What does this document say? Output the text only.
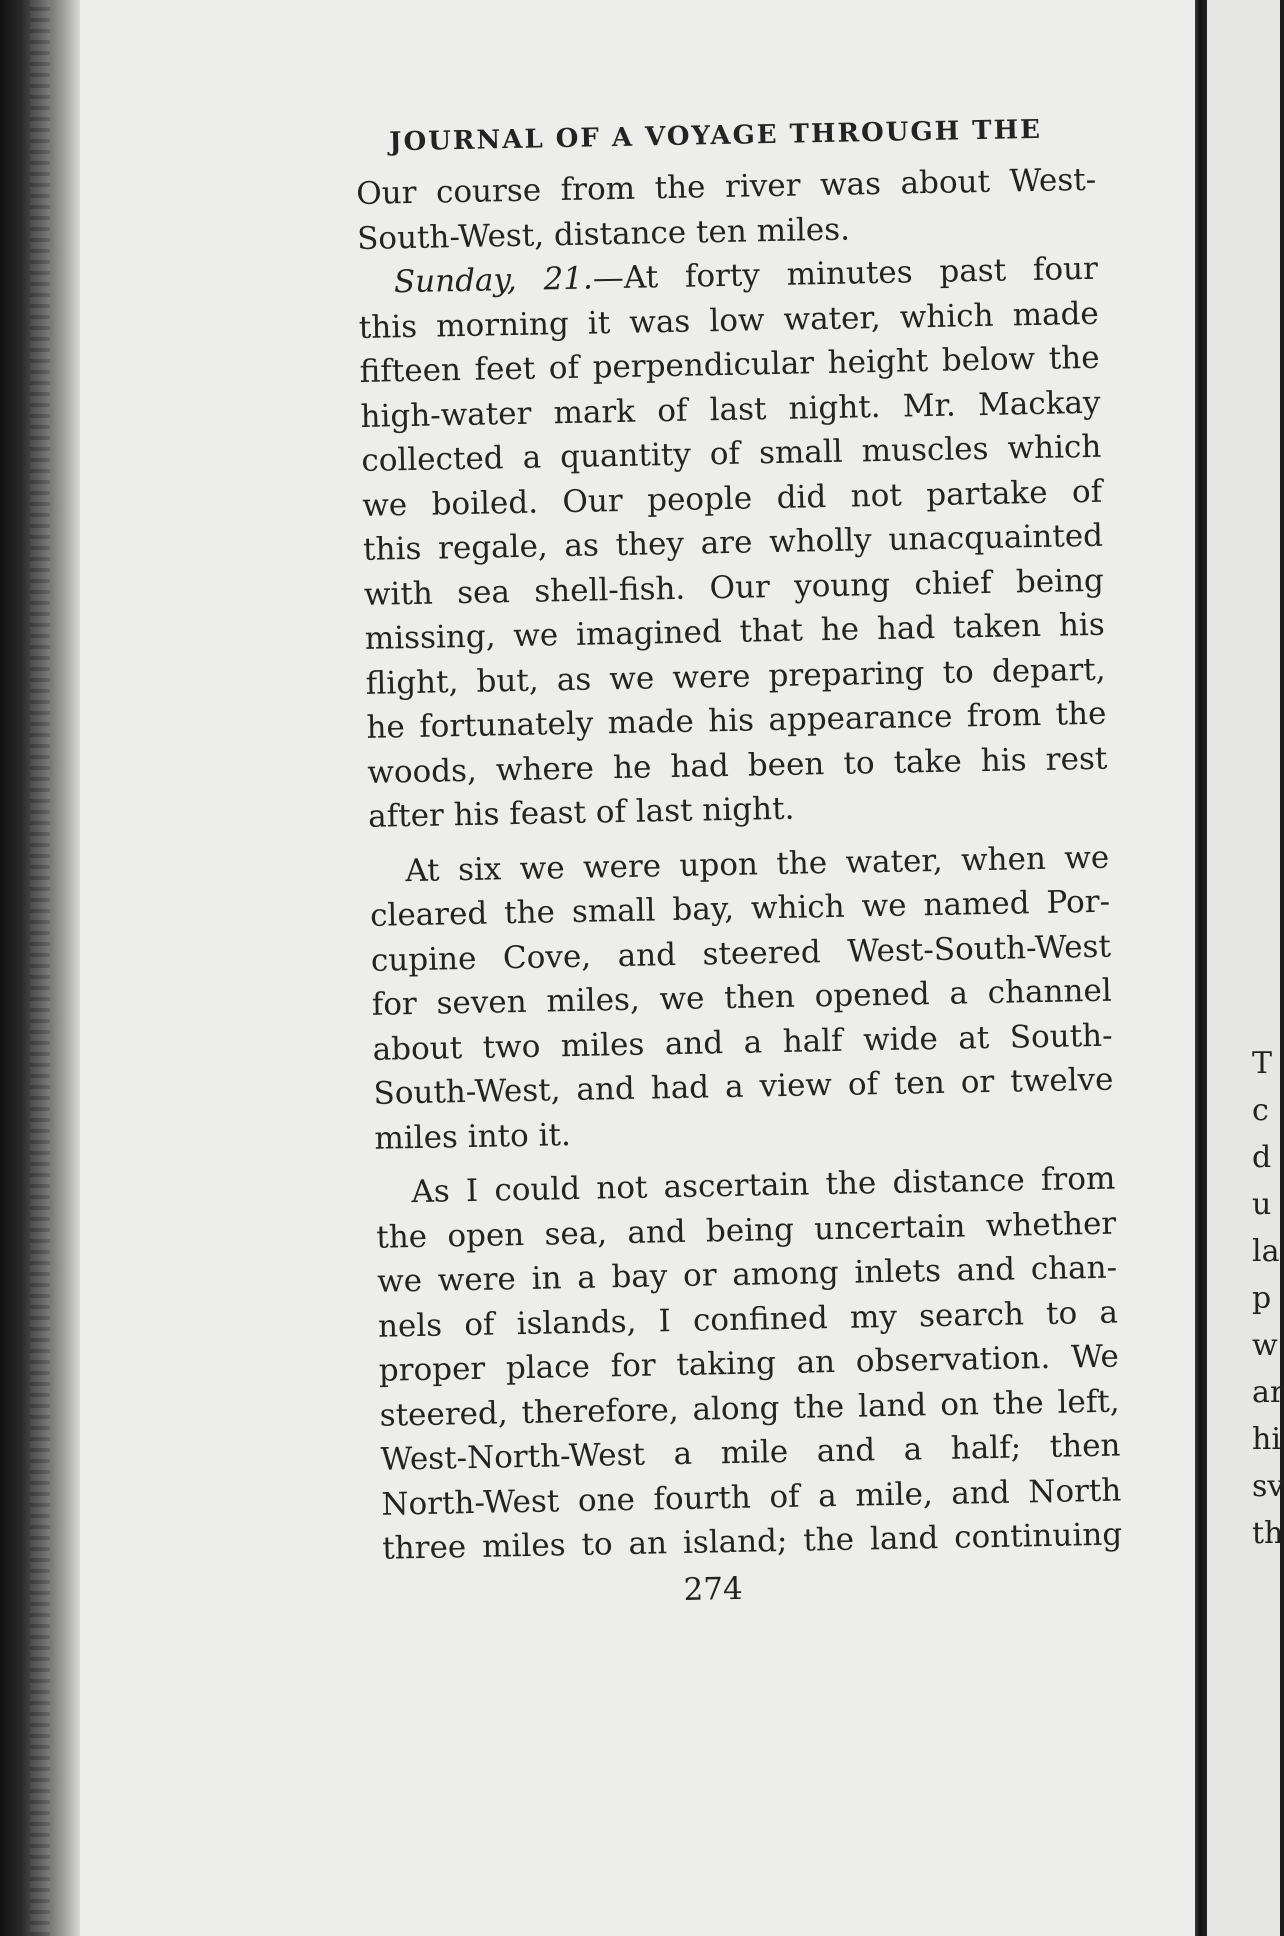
JOURNAL OF A VOYAGE THROUGH THE
Our course from the river was about West-
South-West, distance ten miles.
Sunday, 21.—At forty minutes past four
this morning it was low water, which made
fifteen feet of perpendicular height below the
high-water mark of last night. Mr. Mackay
collected a quantity of small muscles which
we boiled. Our people did not partake of
this regale, as they are wholly unacquainted
with sea shell-fish. Our young chief being
missing, we imagined that he had taken his
flight, but, as we were preparing to depart,
he fortunately made his appearance from the
woods, where he had been to take his rest
after his feast of last night.
At six we were upon the water, when we
cleared the small bay, which we named Por-
cupine Cove, and steered West-South-West
for seven miles, we then opened a channel
about two miles and a half wide at South-
South-West, and had a view of ten or twelve
miles into it.
As I could not ascertain the distance from
the open sea, and being uncertain whether
we were in a bay or among inlets and chan-
nels of islands, I confined my search to a
proper place for taking an observation. We
steered, therefore, along the land on the left,
West-North-West a mile and a half; then
North-West one fourth of a mile, and North
three miles to an island; the land continuing
274
T
c
d
u
la
p
w
ar
hi
sv
th
